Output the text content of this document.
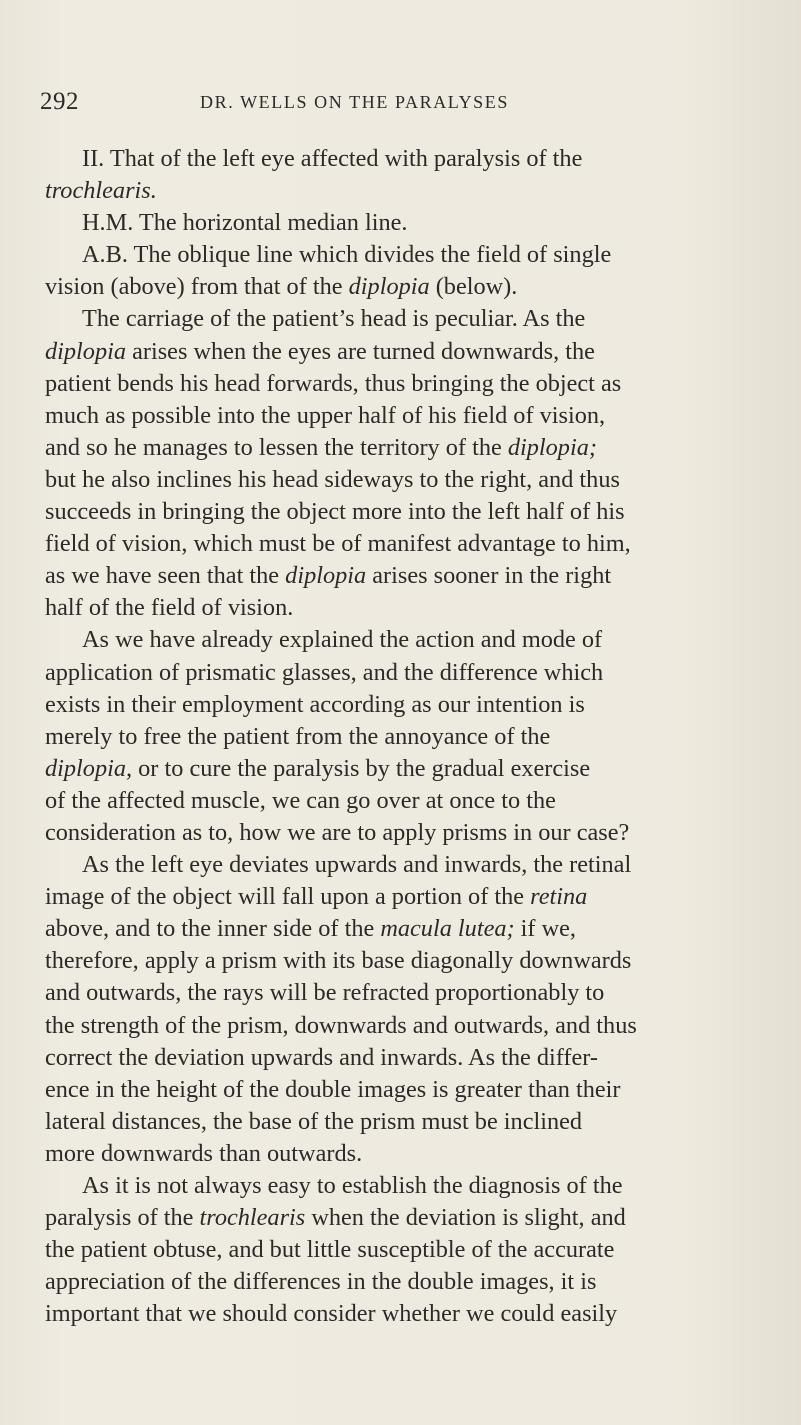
292	DR. WELLS ON THE PARALYSES
II. That of the left eye affected with paralysis of the
trochlearis.
H.M. The horizontal median line.
A.B. The oblique line which divides the field of single
vision (above) from that of the diplopia (below).
The carriage of the patient’s head is peculiar. As the
diplopia arises when the eyes are turned downwards, the
patient bends his head forwards, thus bringing the object as
much as possible into the upper half of his field of vision,
and so he manages to lessen the territory of the diplopia;
but he also inclines his head sideways to the right, and thus
succeeds in bringing the object more into the left half of his
field of vision, which must be of manifest advantage to him,
as we have seen that the diplopia arises sooner in the right
half of the field of vision.
As we have already explained the action and mode of
application of prismatic glasses, and the difference which
exists in their employment according as our intention is
merely to free the patient from the annoyance of the
diplopia, or to cure the paralysis by the gradual exercise
of the affected muscle, we can go over at once to the
consideration as to, how we are to apply prisms in our case?
As the left eye deviates upwards and inwards, the retinal
image of the object will fall upon a portion of the retina
above, and to the inner side of the macula lutea; if we,
therefore, apply a prism with its base diagonally downwards
and outwards, the rays will be refracted proportionably to
the strength of the prism, downwards and outwards, and thus
correct the deviation upwards and inwards. As the differ-
ence in the height of the double images is greater than their
lateral distances, the base of the prism must be inclined
more downwards than outwards.
As it is not always easy to establish the diagnosis of the
paralysis of the trochlearis when the deviation is slight, and
the patient obtuse, and but little susceptible of the accurate
appreciation of the differences in the double images, it is
important that we should consider whether we could easily
